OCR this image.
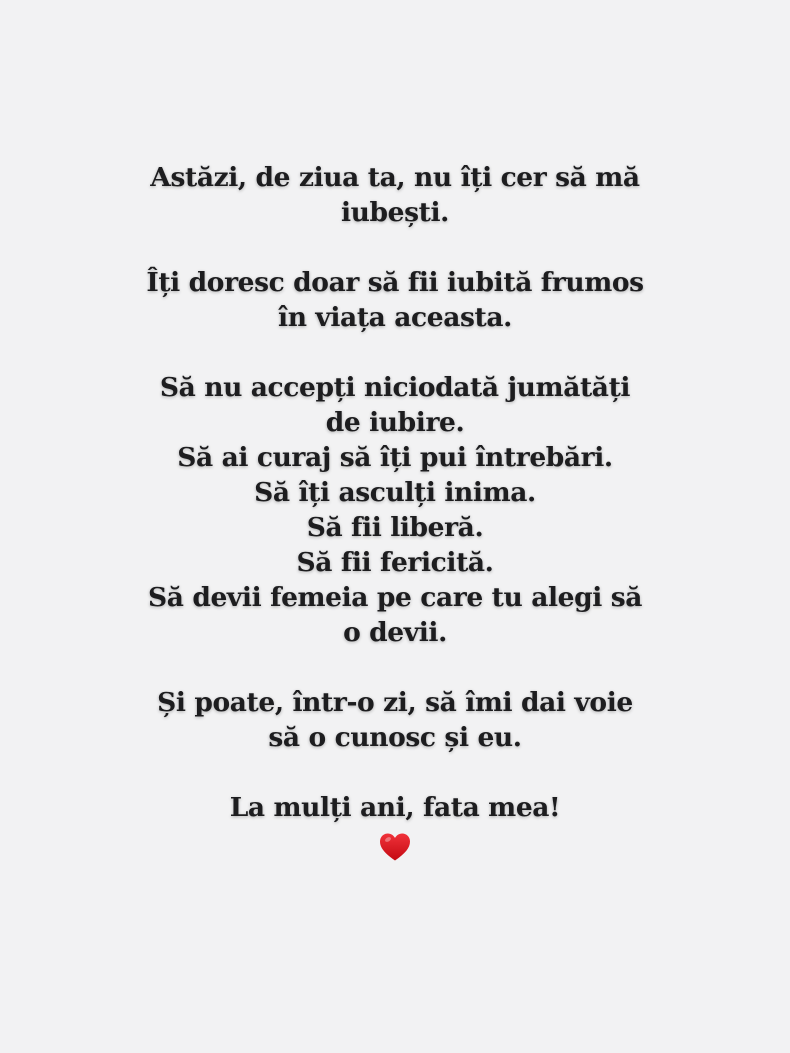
Astăzi, de ziua ta, nu îți cer să mă
iubești.
Îți doresc doar să fii iubită frumos
în viața aceasta.
Să nu accepți niciodată jumătăți
de iubire.
Să ai curaj să îți pui întrebări.
Să îți asculți inima.
Să fii liberă.
Să fii fericită.
Să devii femeia pe care tu alegi să
o devii.
Și poate, într-o zi, să îmi dai voie
să o cunosc și eu.
La mulți ani, fata mea!
